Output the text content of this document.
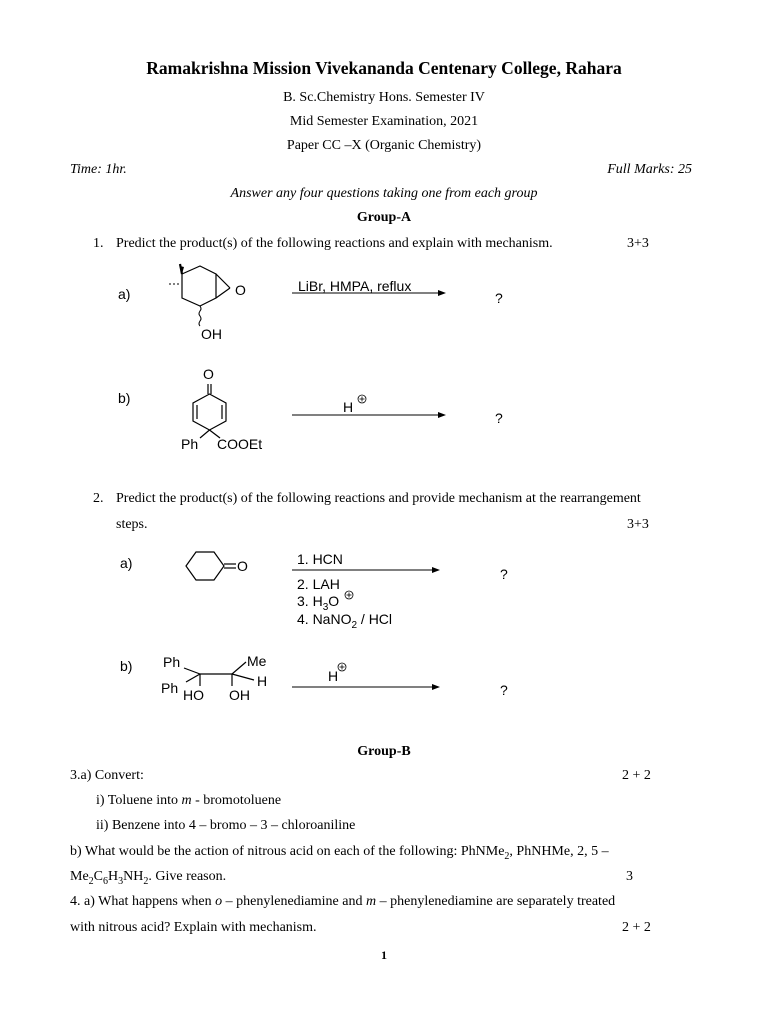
Ramakrishna Mission Vivekananda Centenary College, Rahara
B. Sc.Chemistry Hons. Semester IV
Mid Semester Examination, 2021
Paper CC –X (Organic Chemistry)
Time: 1hr.	Full Marks: 25
Answer any four questions taking one from each group
Group-A
1. Predict the product(s) of the following reactions and explain with mechanism.	3+3
a)	O
OH
LiBr, HMPA, reflux
?
b)
O
Ph COOEt
H
?
2. Predict the product(s) of the following reactions and provide mechanism at the rearrangement
steps.	3+3
a)	O	1. HCN
2. LAH
3. $H_3O$
4. NaNO$_2$ / HCl
?
b) Ph
Ph
Me
H
HO OH
H
?
Group-B
3.a) Convert:	2 + 2
i) Toluene into m - bromotoluene
ii) Benzene into 4 – bromo – 3 – chloroaniline
b) What would be the action of nitrous acid on each of the following: PhNMe$_2$, PhNHMe, 2, 5 –
$Me_2C_6H_3NH_2$. Give reason.	3
4. a) What happens when o – phenylenediamine and m – phenylenediamine are separately treated
with nitrous acid? Explain with mechanism.	2 + 2
1
